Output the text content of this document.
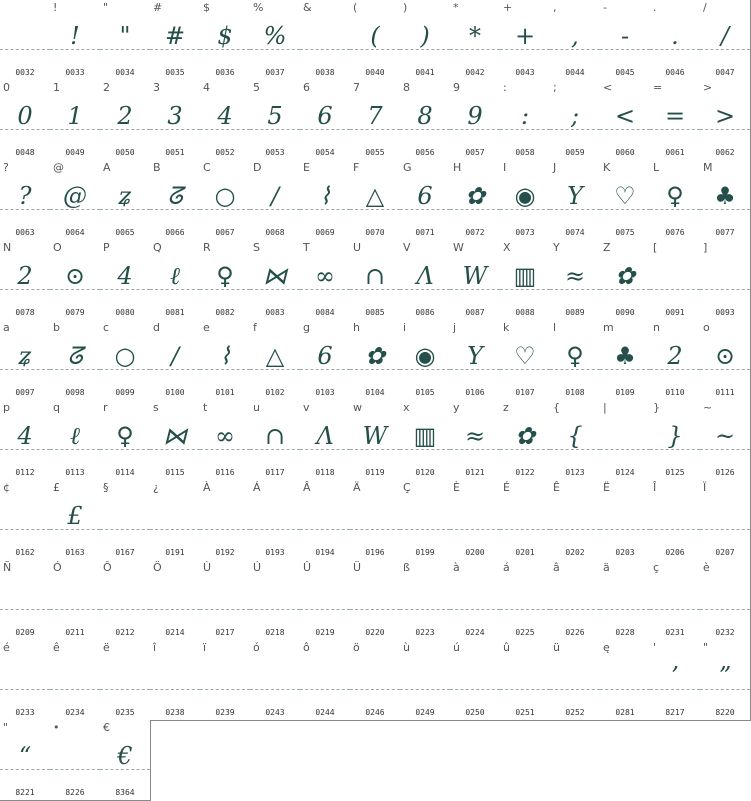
0032
!
!
0033
"
"
0034
#
#
0035
$
$
0036
%
%
0037
&
0038
(
(
0040
)
)
0041
*
*
0042
+
+
0043
,
,
0044
-
-
0045
.
.
0046
/
/
0047
0
0
0048
1
1
0049
2
2
0050
3
3
0051
4
4
0052
5
5
0053
6
6
0054
7
7
0055
8
8
0056
9
9
0057
:
:
0058
;
;
0059
<
<
0060
=
=
0061
>
>
0062
?
?
0063
@
@
0064
A
ʑ
0065
B
ᘔ
0066
C
○
0067
D
∕
0068
E
⌇
0069
F
△
0070
G
6
0071
H
✿
0072
I
◉
0073
J
Y
0074
K
♡
0075
L
♀
0076
M
♣
0077
N
2
0078
O
⊙
0079
P
4
0080
Q
ℓ
0081
R
♀
0082
S
⋈
0083
T
∞
0084
U
∩
0085
V
Λ
0086
W
W
0087
X
▥
0088
Y
≈
0089
Z
✿
0090
[
0091
]
0093
a
ʑ
0097
b
ᘔ
0098
c
○
0099
d
∕
0100
e
⌇
0101
f
△
0102
g
6
0103
h
✿
0104
i
◉
0105
j
Y
0106
k
♡
0107
l
♀
0108
m
♣
0109
n
2
0110
o
⊙
0111
p
4
0112
q
ℓ
0113
r
♀
0114
s
⋈
0115
t
∞
0116
u
∩
0117
v
Λ
0118
w
W
0119
x
▥
0120
y
≈
0121
z
✿
0122
{
{
0123
|
0124
}
}
0125
~
~
0126
¢
0162
£
£
0163
§
0167
¿
0191
À
0192
Á
0193
Â
0194
Ä
0196
Ç
0199
È
0200
É
0201
Ê
0202
Ë
0203
Î
0206
Ï
0207
Ñ
0209
Ó
0211
Ô
0212
Ö
0214
Ù
0217
Ú
0218
Û
0219
Ü
0220
ß
0223
à
0224
á
0225
â
0226
ä
0228
ç
0231
è
0232
é
0233
ê
0234
ë
0235
î
0238
ï
0239
ó
0243
ô
0244
ö
0246
ù
0249
ú
0250
û
0251
ü
0252
ę
0281
'
’
8217
"
”
8220
"
“
8221
•
8226
€
€
8364
